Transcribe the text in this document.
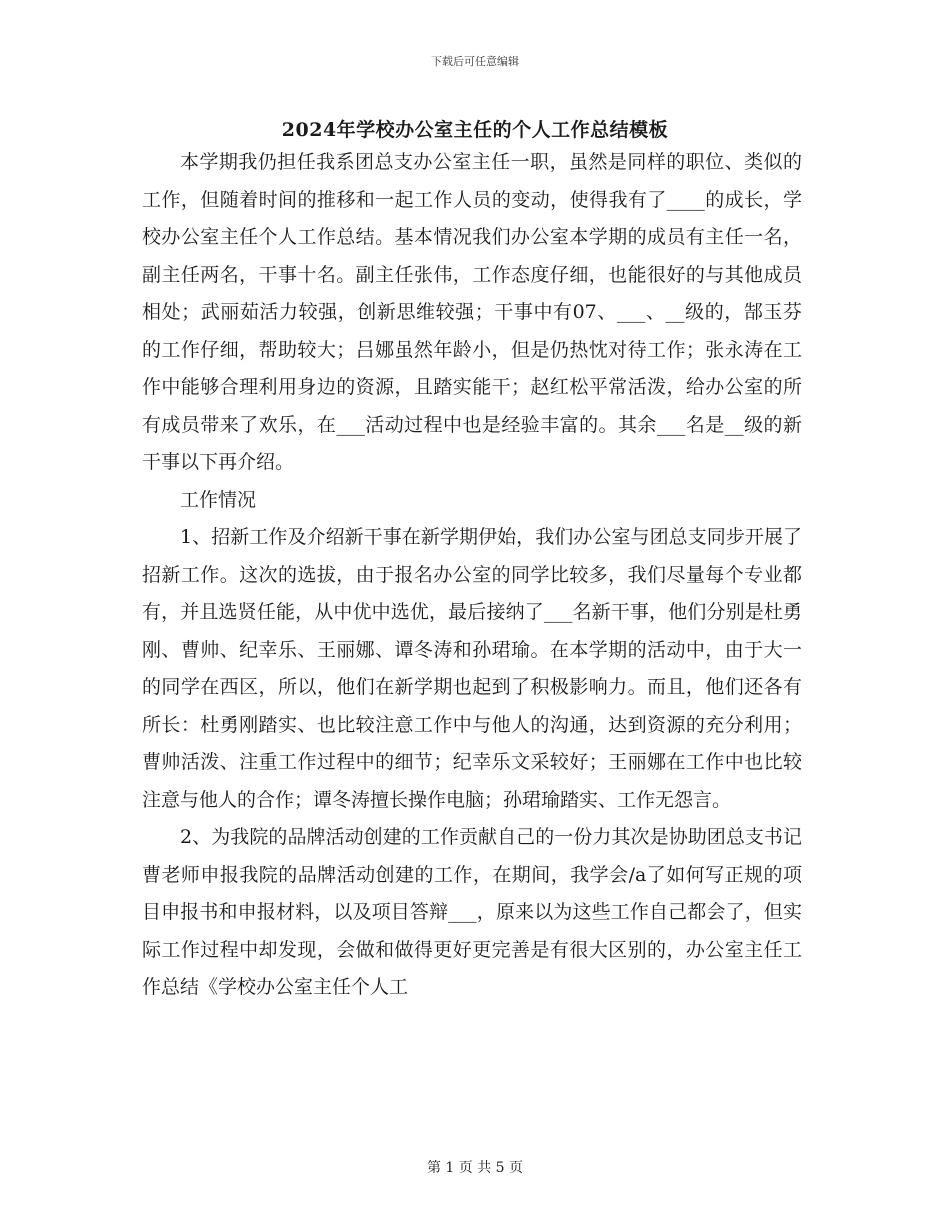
下载后可任意编辑
2024年学校办公室主任的个人工作总结模板

本学期我仍担任我系团总支办公室主任一职，虽然是同样的职位、类似的工作，但随着时间的推移和一起工作人员的变动，使得我有了____的成长，学校办公室主任个人工作总结。基本情况我们办公室本学期的成员有主任一名，副主任两名，干事十名。副主任张伟，工作态度仔细，也能很好的与其他成员相处；武丽茹活力较强，创新思维较强；干事中有07、___、__级的，郜玉芬的工作仔细，帮助较大；吕娜虽然年龄小，但是仍热忱对待工作；张永涛在工作中能够合理利用身边的资源，且踏实能干；赵红松平常活泼，给办公室的所有成员带来了欢乐，在___活动过程中也是经验丰富的。其余___名是__级的新干事以下再介绍。

工作情况

1、招新工作及介绍新干事在新学期伊始，我们办公室与团总支同步开展了招新工作。这次的选拔，由于报名办公室的同学比较多，我们尽量每个专业都有，并且选贤任能，从中优中选优，最后接纳了___名新干事，他们分别是杜勇刚、曹帅、纪幸乐、王丽娜、谭冬涛和孙珺瑜。在本学期的活动中，由于大一的同学在西区，所以，他们在新学期也起到了积极影响力。而且，他们还各有所长：杜勇刚踏实、也比较注意工作中与他人的沟通，达到资源的充分利用；曹帅活泼、注重工作过程中的细节；纪幸乐文采较好；王丽娜在工作中也比较注意与他人的合作；谭冬涛擅长操作电脑；孙珺瑜踏实、工作无怨言。

2、为我院的品牌活动创建的工作贡献自己的一份力其次是协助团总支书记曹老师申报我院的品牌活动创建的工作，在期间，我学会/a了如何写正规的项目申报书和申报材料，以及项目答辩___，原来以为这些工作自己都会了，但实际工作过程中却发现，会做和做得更好更完善是有很大区别的，办公室主任工作总结《学校办公室主任个人工

第 1 页 共 5 页
